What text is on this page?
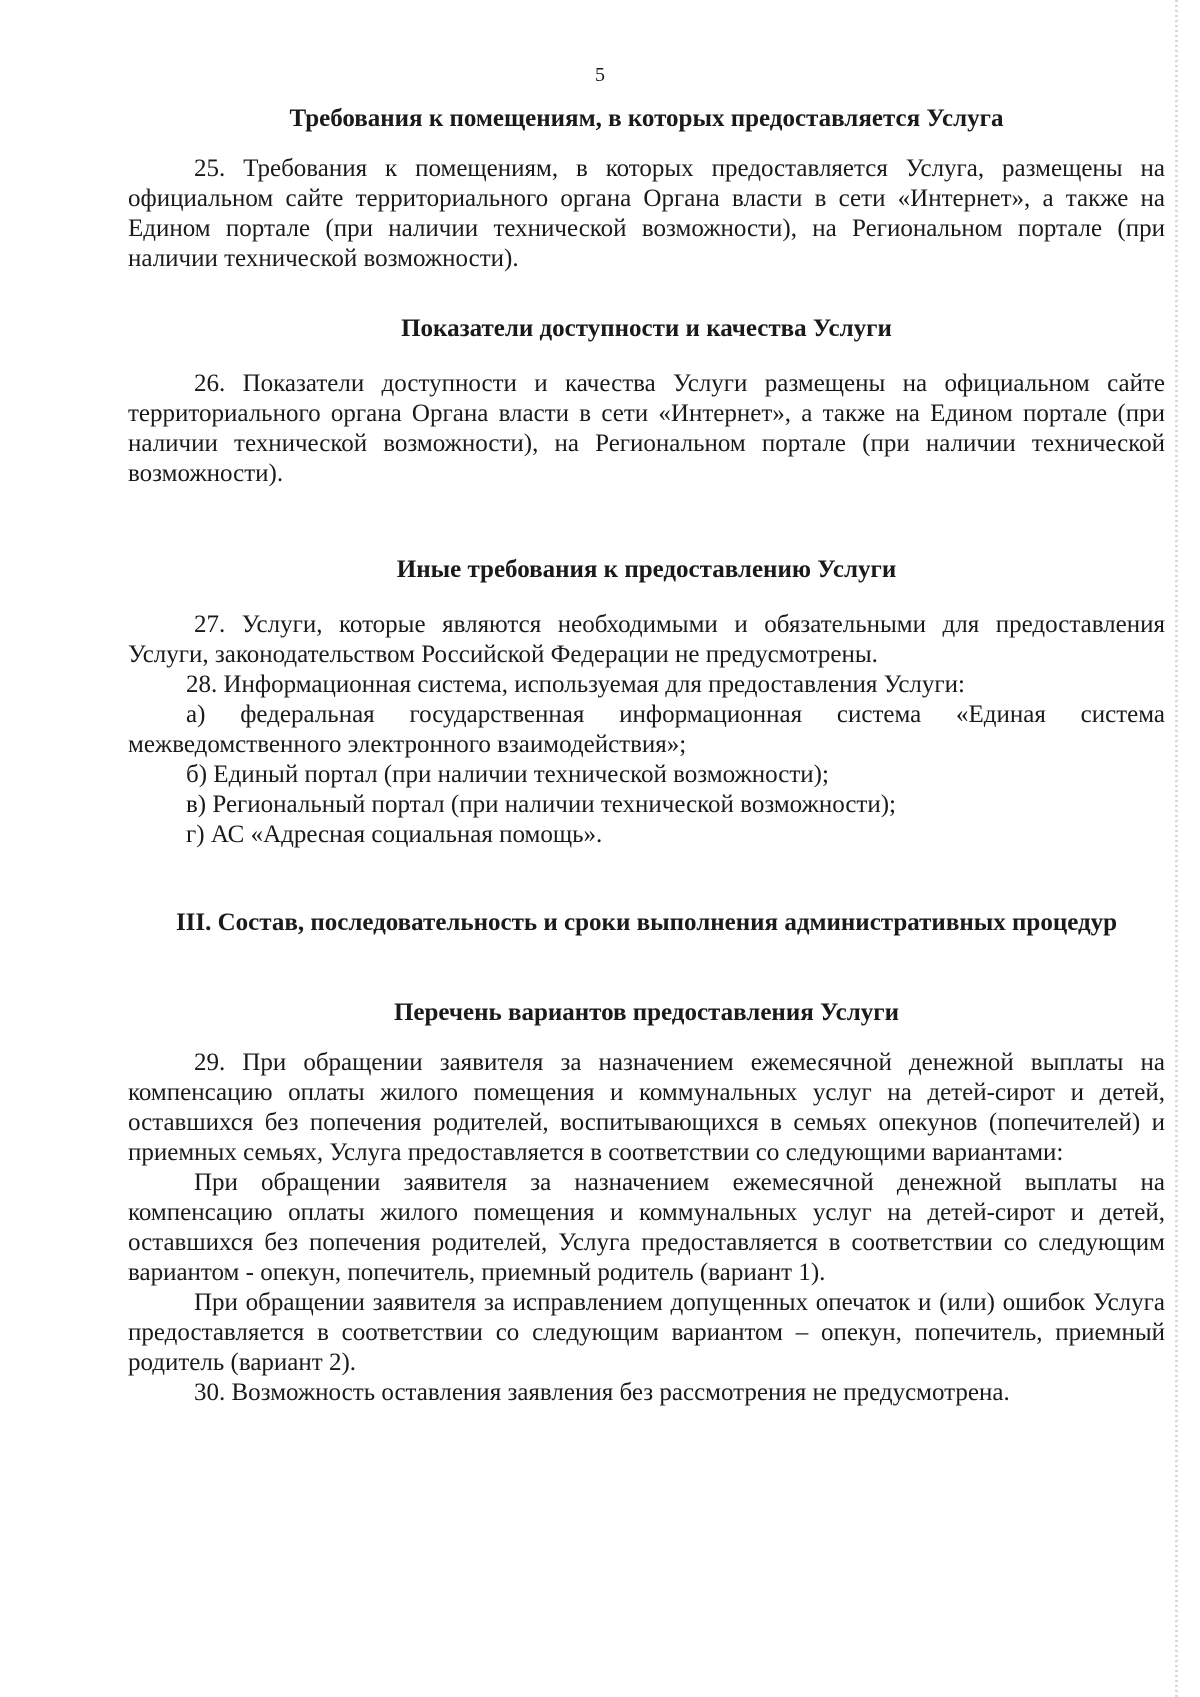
5
Требования к помещениям, в которых предоставляется Услуга

25. Требования к помещениям, в которых предоставляется Услуга, размещены на официальном сайте территориального органа Органа власти в сети «Интернет», а также на Едином портале (при наличии технической возможности), на Региональном портале (при наличии технической возможности).

Показатели доступности и качества Услуги

26. Показатели доступности и качества Услуги размещены на официальном сайте территориального органа Органа власти в сети «Интернет», а также на Едином портале (при наличии технической возможности), на Региональном портале (при наличии технической возможности).

Иные требования к предоставлению Услуги

27. Услуги, которые являются необходимыми и обязательными для предоставления Услуги, законодательством Российской Федерации не предусмотрены.

28. Информационная система, используемая для предоставления Услуги:

а) федеральная государственная информационная система «Единая система межведомственного электронного взаимодействия»;

б) Единый портал (при наличии технической возможности);

в) Региональный портал (при наличии технической возможности);

г) АС «Адресная социальная помощь».

III. Состав, последовательность и сроки выполнения административных процедур
Перечень вариантов предоставления Услуги

29. При обращении заявителя за назначением ежемесячной денежной выплаты на компенсацию оплаты жилого помещения и коммунальных услуг на детей-сирот и детей, оставшихся без попечения родителей, воспитывающихся в семьях опекунов (попечителей) и приемных семьях, Услуга предоставляется в соответствии со следующими вариантами:

При обращении заявителя за назначением ежемесячной денежной выплаты на компенсацию оплаты жилого помещения и коммунальных услуг на детей-сирот и детей, оставшихся без попечения родителей, Услуга предоставляется в соответствии со следующим вариантом - опекун, попечитель, приемный родитель (вариант 1).

При обращении заявителя за исправлением допущенных опечаток и (или) ошибок Услуга предоставляется в соответствии со следующим вариантом – опекун, попечитель, приемный родитель (вариант 2).

30. Возможность оставления заявления без рассмотрения не предусмотрена.
